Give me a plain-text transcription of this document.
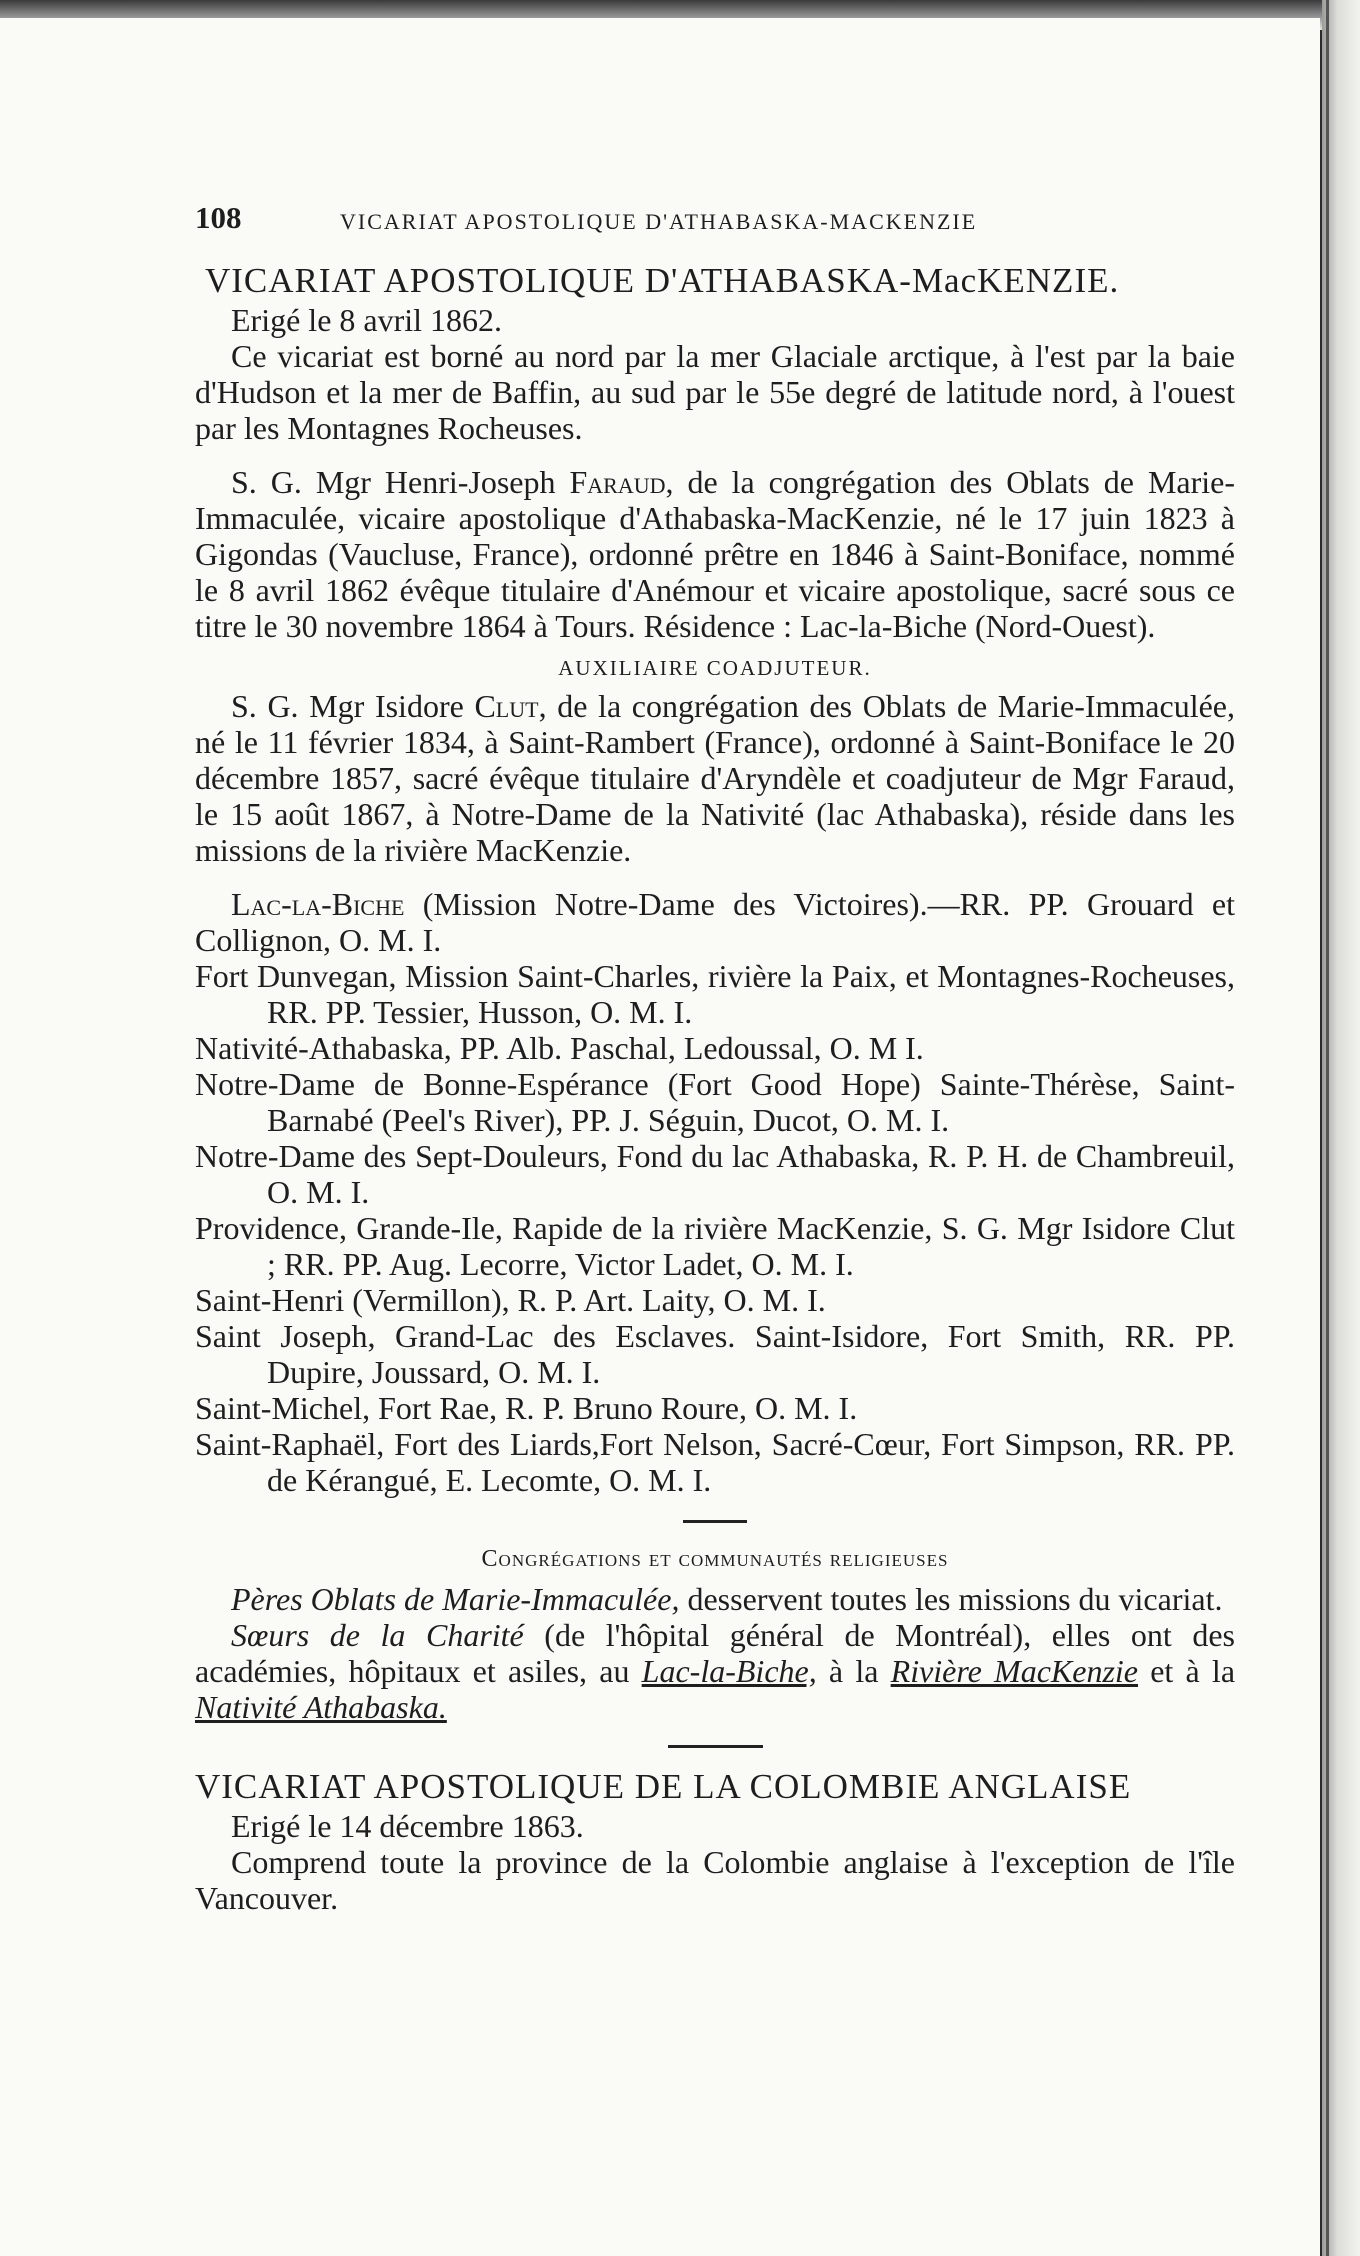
108	VICARIAT APOSTOLIQUE D'ATHABASKA-MACKENZIE
VICARIAT APOSTOLIQUE D'ATHABASKA-MacKENZIE.

Erigé le 8 avril 1862.

Ce vicariat est borné au nord par la mer Glaciale arctique, à l'est par la baie d'Hudson et la mer de Baffin, au sud par le 55e degré de latitude nord, à l'ouest par les Montagnes Rocheuses.

S. G. Mgr Henri-Joseph Faraud, de la congrégation des Oblats de Marie-Immaculée, vicaire apostolique d'Athabaska-MacKenzie, né le 17 juin 1823 à Gigondas (Vaucluse, France), ordonné prêtre en 1846 à Saint-Boniface, nommé le 8 avril 1862 évêque titulaire d'Anémour et vicaire apostolique, sacré sous ce titre le 30 novembre 1864 à Tours. Résidence : Lac-la-Biche (Nord-Ouest).

AUXILIAIRE COADJUTEUR.

S. G. Mgr Isidore Clut, de la congrégation des Oblats de Marie-Immaculée, né le 11 février 1834, à Saint-Rambert (France), ordonné à Saint-Boniface le 20 décembre 1857, sacré évêque titulaire d'Aryndèle et coadjuteur de Mgr Faraud, le 15 août 1867, à Notre-Dame de la Nativité (lac Athabaska), réside dans les missions de la rivière MacKenzie.

Lac-la-Biche (Mission Notre-Dame des Victoires).—RR. PP. Grouard et Collignon, O. M. I.

Fort Dunvegan, Mission Saint-Charles, rivière la Paix, et Montagnes-Rocheuses, RR. PP. Tessier, Husson, O. M. I.

Nativité-Athabaska, PP. Alb. Paschal, Ledoussal, O. M I.

Notre-Dame de Bonne-Espérance (Fort Good Hope) Sainte-Thérèse, Saint-Barnabé (Peel's River), PP. J. Séguin, Ducot, O. M. I.

Notre-Dame des Sept-Douleurs, Fond du lac Athabaska, R. P. H. de Chambreuil, O. M. I.

Providence, Grande-Ile, Rapide de la rivière MacKenzie, S. G. Mgr Isidore Clut ; RR. PP. Aug. Lecorre, Victor Ladet, O. M. I.

Saint-Henri (Vermillon), R. P. Art. Laity, O. M. I.

Saint Joseph, Grand-Lac des Esclaves. Saint-Isidore, Fort Smith, RR. PP. Dupire, Joussard, O. M. I.

Saint-Michel, Fort Rae, R. P. Bruno Roure, O. M. I.

Saint-Raphaël, Fort des Liards,Fort Nelson, Sacré-Cœur, Fort Simpson, RR. PP. de Kérangué, E. Lecomte, O. M. I.

Congrégations et communautés religieuses

Pères Oblats de Marie-Immaculée, desservent toutes les missions du vicariat.

Sœurs de la Charité (de l'hôpital général de Montréal), elles ont des académies, hôpitaux et asiles, au Lac-la-Biche, à la Rivière MacKenzie et à la Nativité Athabaska.

VICARIAT APOSTOLIQUE DE LA COLOMBIE ANGLAISE

Erigé le 14 décembre 1863.

Comprend toute la province de la Colombie anglaise à l'exception de l'île Vancouver.
